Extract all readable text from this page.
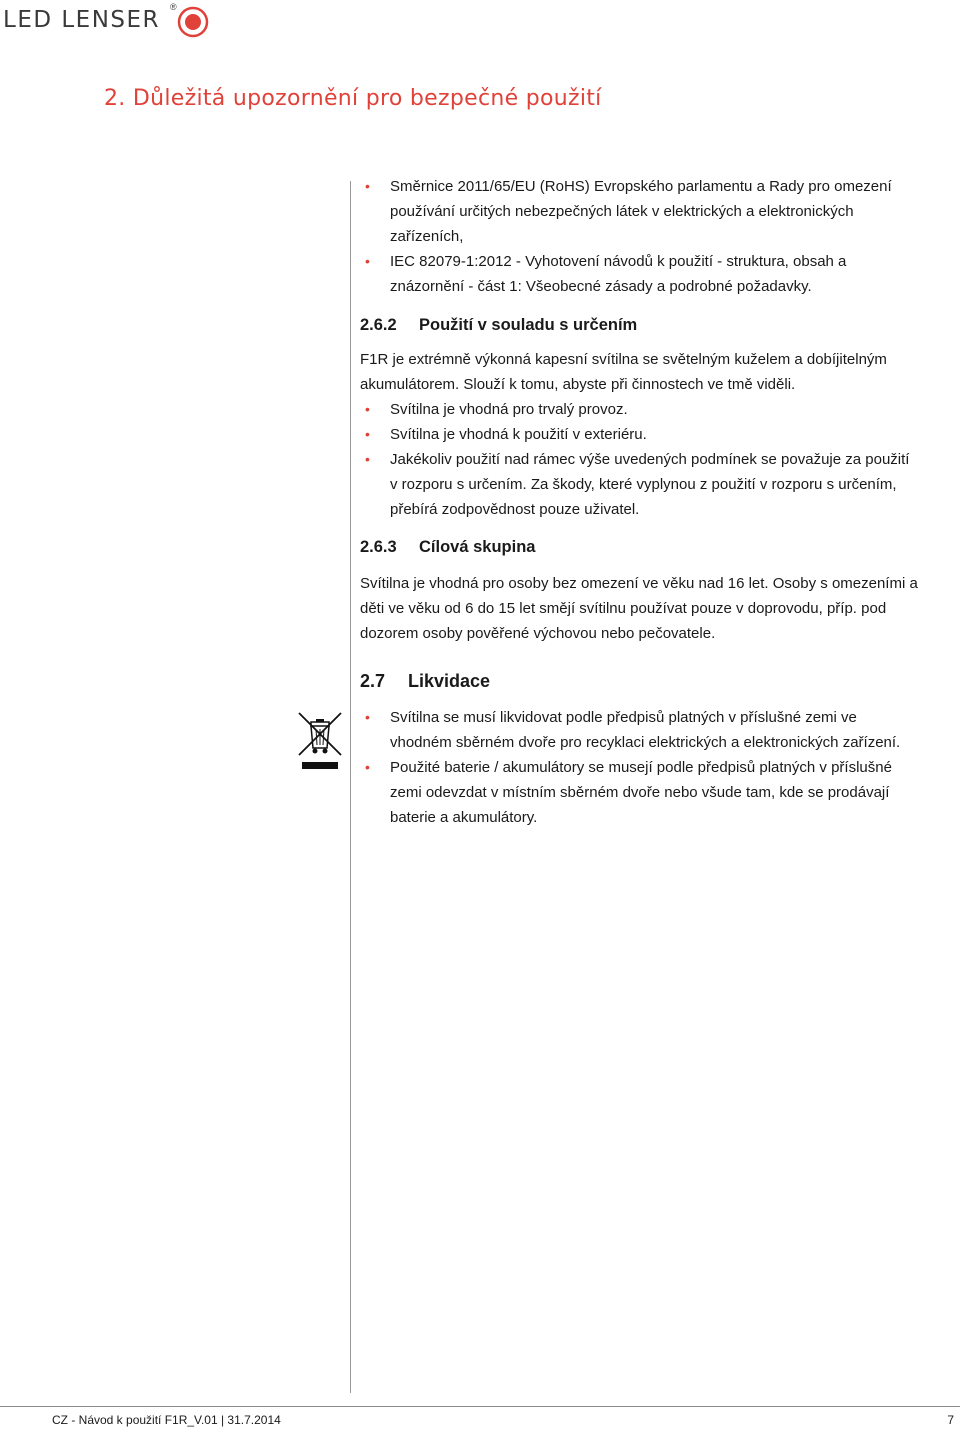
LED LENSER ®
2. Důležitá upozornění pro bezpečné použití
• Směrnice 2011/65/EU (RoHS) Evropského parlamentu a Rady pro omezení používání určitých nebezpečných látek v elektrických a elektronických zařízeních,
• IEC 82079-1:2012 - Vyhotovení návodů k použití - struktura, obsah a znázornění - část 1: Všeobecné zásady a podrobné požadavky.
2.6.2	Použití v souladu s určením

F1R je extrémně výkonná kapesní svítilna se světelným kuželem a dobíjitelným akumulátorem. Slouží k tomu, abyste při činnostech ve tmě viděli.

• Svítilna je vhodná pro trvalý provoz.
• Svítilna je vhodná k použití v exteriéru.
• Jakékoliv použití nad rámec výše uvedených podmínek se považuje za použití v rozporu s určením. Za škody, které vyplynou z použití v rozporu s určením, přebírá zodpovědnost pouze uživatel.
2.6.3	Cílová skupina

Svítilna je vhodná pro osoby bez omezení ve věku nad 16 let. Osoby s omezeními a děti ve věku od 6 do 15 let smějí svítilnu používat pouze v doprovodu, příp. pod dozorem osoby pověřené výchovou nebo pečovatele.

2.7	Likvidace
• Svítilna se musí likvidovat podle předpisů platných v příslušné zemi ve vhodném sběrném dvoře pro recyklaci elektrických a elektronických zařízení.
• Použité baterie / akumulátory se musejí podle předpisů platných v příslušné zemi odevzdat v místním sběrném dvoře nebo všude tam, kde se prodávají baterie a akumulátory.
CZ - Návod k použití F1R_V.01 | 31.7.2014	7
